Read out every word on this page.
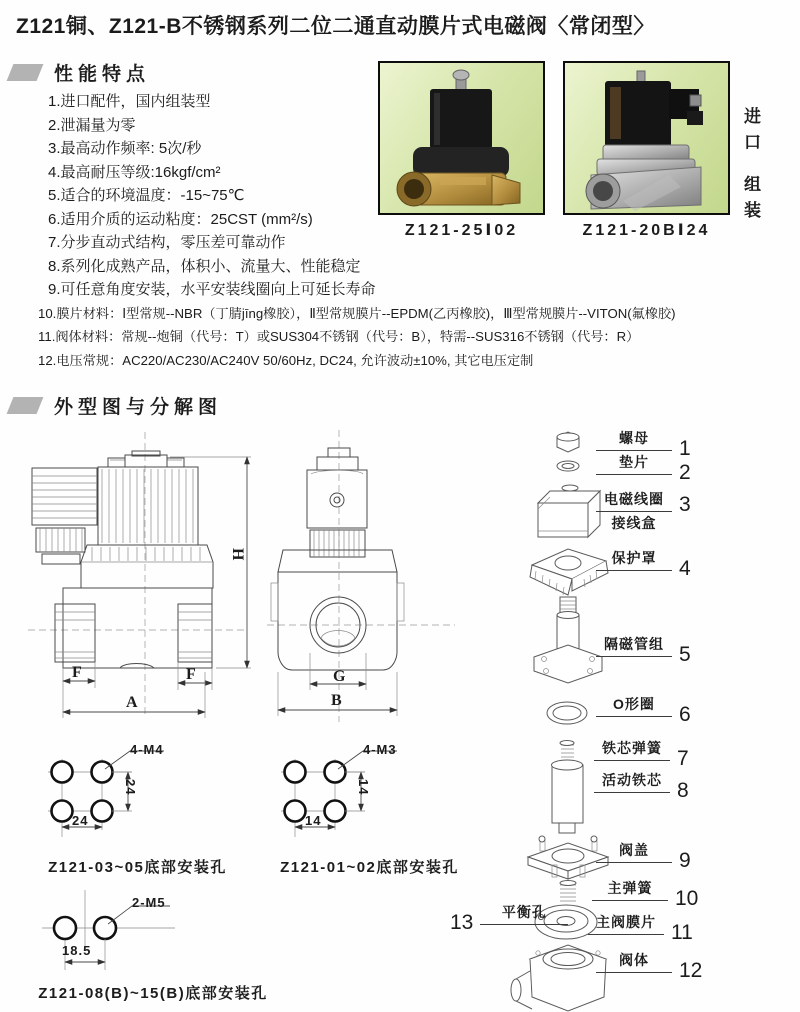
Z121铜、Z121-B不锈钢系列二位二通直动膜片式电磁阀〈常闭型〉
性能特点
1.进口配件，国内组装型
2.泄漏量为零
3.最高动作频率: 5次/秒
4.最高耐压等级:16kgf/cm²
5.适合的环境温度：-15~75℃
6.适用介质的运动粘度：25CST (mm²/s)
7.分步直动式结构，零压差可靠动作
8.系列化成熟产品，体积小、流量大、性能稳定
9.可任意角度安装，水平安装线圈向上可延长寿命
10.膜片材料：Ⅰ型常规--NBR（丁腈jīng橡胶），Ⅱ型常规膜片--EPDM(乙丙橡胶)，Ⅲ型常规膜片--VITON(氟橡胶)
11.阀体材料：常规--炮铜（代号：T）或SUS304不锈钢（代号：B），特需--SUS316不锈钢（代号：R）
12.电压常规：AC220/AC230/AC240V 50/60Hz, DC24, 允许波动±10%, 其它电压定制
Z121-25Ⅰ02	Z121-20BⅠ24
进
口
组
装
外型图与分解图
H
F	F
A
G
B
螺母	1
垫片	2
电磁线圈
接线盒
3
保护罩	4
隔磁管组 5
O形圈	6
铁芯弹簧 7
活动铁芯 8
阀盖	9
主弹簧	10
主阀膜片 11
阀体	12
13	平衡孔
4-M4
24
24
Z121-03~05底部安装孔
4-M3
14
14
Z121-01~02底部安装孔
2-M5
18.5
Z121-08(B)~15(B)底部安装孔
